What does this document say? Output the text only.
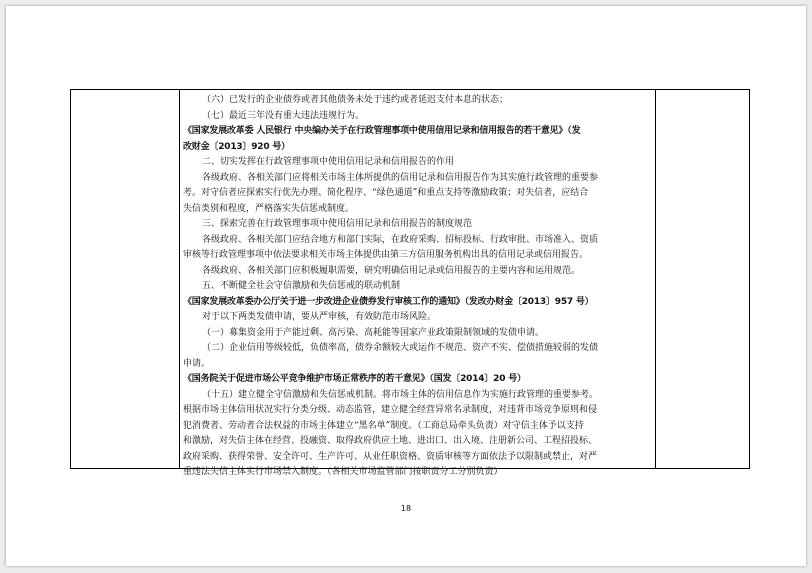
（六）已发行的企业债券或者其他债务未处于违约或者延迟支付本息的状态；
（七）最近三年没有重大违法违规行为。
《国家发展改革委 人民银行 中央编办关于在行政管理事项中使用信用记录和信用报告的若干意见》（发
改财金〔2013〕920 号）
二、切实发挥在行政管理事项中使用信用记录和信用报告的作用
各级政府、各相关部门应将相关市场主体所提供的信用记录和信用报告作为其实施行政管理的重要参
考。对守信者应探索实行优先办理、简化程序、“绿色通道”和重点支持等激励政策；对失信者，应结合
失信类别和程度，严格落实失信惩戒制度。
三、探索完善在行政管理事项中使用信用记录和信用报告的制度规范
各级政府、各相关部门应结合地方和部门实际，在政府采购、招标投标、行政审批、市场准入、资质
审核等行政管理事项中依法要求相关市场主体提供由第三方信用服务机构出具的信用记录或信用报告。
各级政府、各相关部门应积极履职需要，研究明确信用记录或信用报告的主要内容和运用规范。
五、不断健全社会守信激励和失信惩戒的联动机制
《国家发展改革委办公厅关于进一步改进企业债券发行审核工作的通知》（发改办财金〔2013〕957 号）
对于以下两类发债申请，要从严审核，有效防范市场风险。
（一）募集资金用于产能过剩、高污染、高耗能等国家产业政策限制领域的发债申请。
（二）企业信用等级较低，负债率高，债券余额较大或运作不规范、资产不实、偿债措施较弱的发债
申请。
《国务院关于促进市场公平竞争维护市场正常秩序的若干意见》（国发〔2014〕20 号）
（十五）建立健全守信激励和失信惩戒机制。将市场主体的信用信息作为实施行政管理的重要参考。
根据市场主体信用状况实行分类分级、动态监管，建立健全经营异常名录制度，对违背市场竞争原则和侵
犯消费者、劳动者合法权益的市场主体建立“黑名单”制度。（工商总局牵头负责）对守信主体予以支持
和激励，对失信主体在经营、投融资、取得政府供应土地、进出口、出入境、注册新公司、工程招投标、
政府采购、获得荣誉、安全许可、生产许可、从业任职资格、资质审核等方面依法予以限制或禁止，对严
重违法失信主体实行市场禁入制度。（各相关市场监管部门按职责分工分别负责）
18
